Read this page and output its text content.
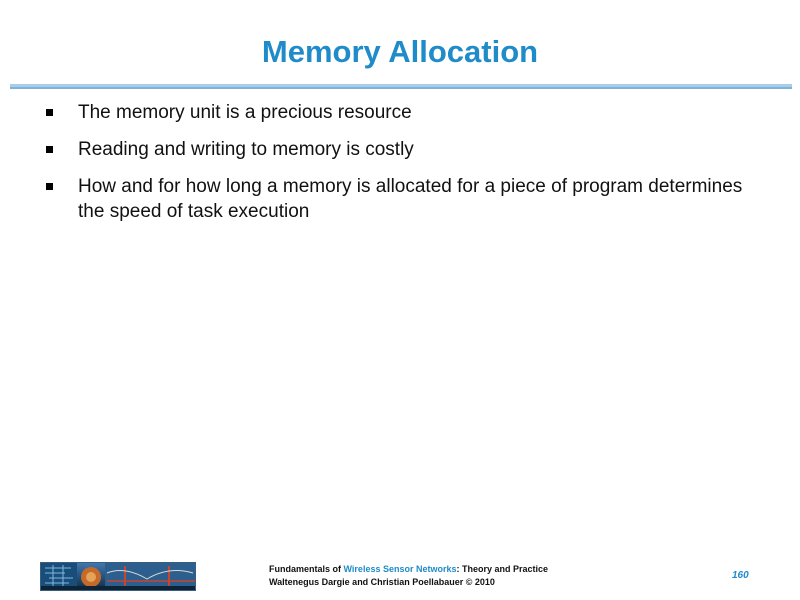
Memory Allocation
The memory unit is a precious resource
Reading and writing to memory is costly
How and for how long a memory is allocated for a piece of program determines the speed of task execution
Fundamentals of Wireless Sensor Networks: Theory and Practice
Waltenegus Dargie and Christian Poellabauer © 2010
160
